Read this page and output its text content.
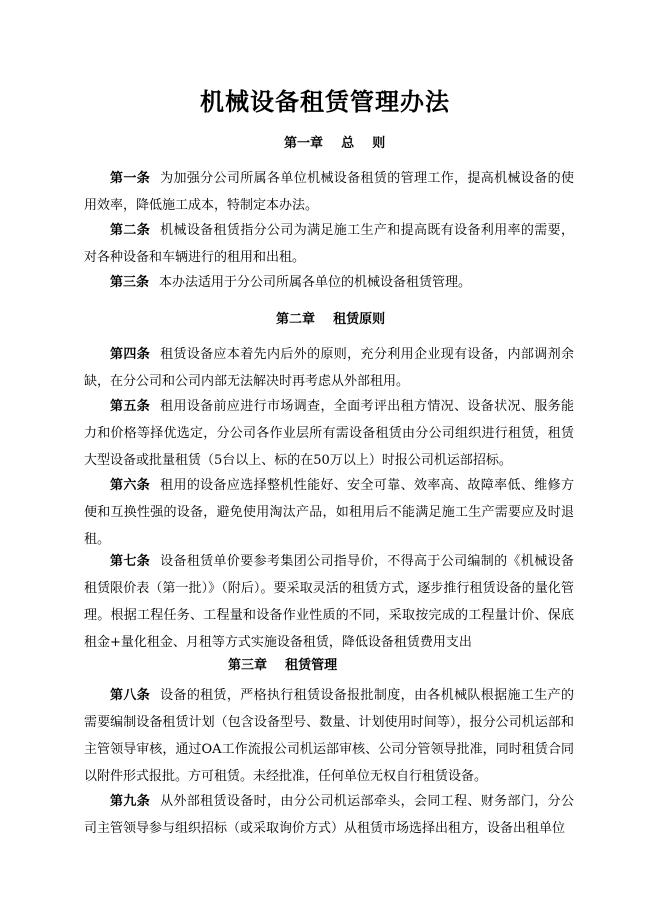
机械设备租赁管理办法
第一章    总    则
第一条 为加强分公司所属各单位机械设备租赁的管理工作，提高机械设备的使用效率，降低施工成本，特制定本办法。
第二条 机械设备租赁指分公司为满足施工生产和提高既有设备利用率的需要，对各种设备和车辆进行的租用和出租。
第三条 本办法适用于分公司所属各单位的机械设备租赁管理。
第二章    租赁原则
第四条 租赁设备应本着先内后外的原则，充分利用企业现有设备，内部调剂余缺，在分公司和公司内部无法解决时再考虑从外部租用。
第五条 租用设备前应进行市场调查，全面考评出租方情况、设备状况、服务能力和价格等择优选定，分公司各作业层所有需设备租赁由分公司组织进行租赁，租赁大型设备或批量租赁（5台以上、标的在50万以上）时报公司机运部招标。
第六条 租用的设备应选择整机性能好、安全可靠、效率高、故障率低、维修方便和互换性强的设备，避免使用淘汰产品，如租用后不能满足施工生产需要应及时退租。
第七条 设备租赁单价要参考集团公司指导价，不得高于公司编制的《机械设备租赁限价表（第一批）》（附后）。要采取灵活的租赁方式，逐步推行租赁设备的量化管理。根据工程任务、工程量和设备作业性质的不同，采取按完成的工程量计价、保底租金+量化租金、月租等方式实施设备租赁，降低设备租赁费用支出
第三章    租赁管理
第八条 设备的租赁，严格执行租赁设备报批制度，由各机械队根据施工生产的需要编制设备租赁计划（包含设备型号、数量、计划使用时间等），报分公司机运部和主管领导审核，通过OA工作流报公司机运部审核、公司分管领导批准，同时租赁合同以附件形式报批。方可租赁。未经批准，任何单位无权自行租赁设备。
第九条 从外部租赁设备时，由分公司机运部牵头，会同工程、财务部门，分公司主管领导参与组织招标（或采取询价方式）从租赁市场选择出租方，设备出租单位
